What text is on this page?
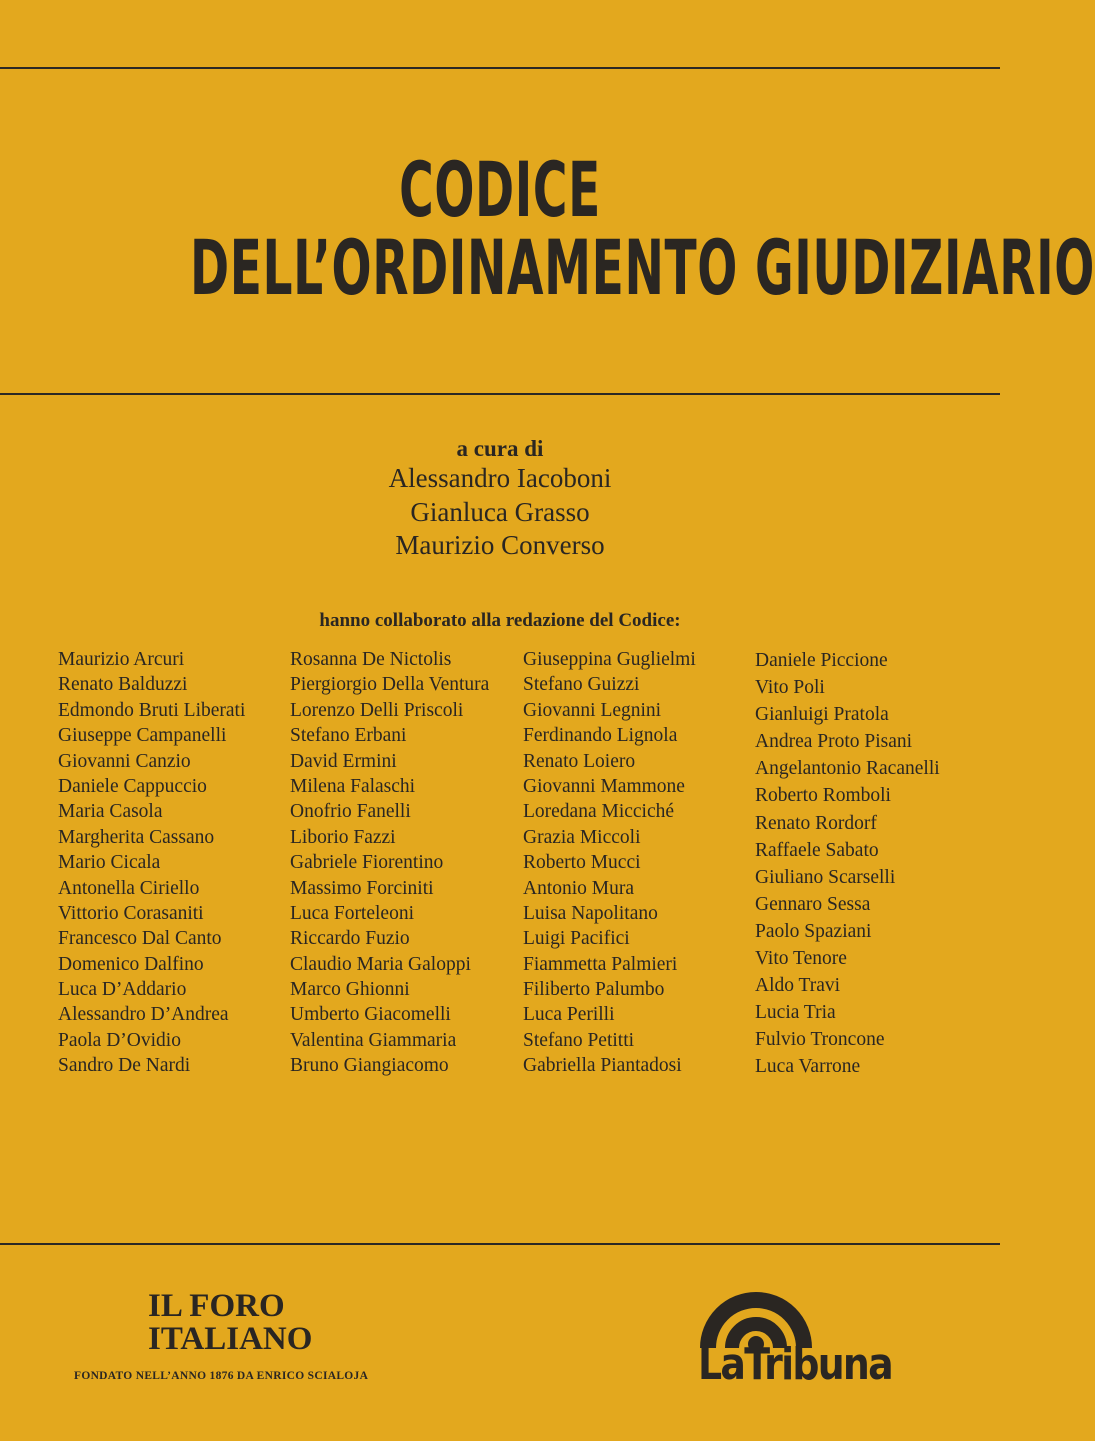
CODICE
DELL’ORDINAMENTO GIUDIZIARIO
a cura di
Alessandro Iacoboni
Gianluca Grasso
Maurizio Converso
hanno collaborato alla redazione del Codice:
Maurizio Arcuri
Renato Balduzzi
Edmondo Bruti Liberati
Giuseppe Campanelli
Giovanni Canzio
Daniele Cappuccio
Maria Casola
Margherita Cassano
Mario Cicala
Antonella Ciriello
Vittorio Corasaniti
Francesco Dal Canto
Domenico Dalfino
Luca D’Addario
Alessandro D’Andrea
Paola D’Ovidio
Sandro De Nardi
Rosanna De Nictolis
Piergiorgio Della Ventura
Lorenzo Delli Priscoli
Stefano Erbani
David Ermini
Milena Falaschi
Onofrio Fanelli
Liborio Fazzi
Gabriele Fiorentino
Massimo Forciniti
Luca Forteleoni
Riccardo Fuzio
Claudio Maria Galoppi
Marco Ghionni
Umberto Giacomelli
Valentina Giammaria
Bruno Giangiacomo
Giuseppina Guglielmi
Stefano Guizzi
Giovanni Legnini
Ferdinando Lignola
Renato Loiero
Giovanni Mammone
Loredana Micciché
Grazia Miccoli
Roberto Mucci
Antonio Mura
Luisa Napolitano
Luigi Pacifici
Fiammetta Palmieri
Filiberto Palumbo
Luca Perilli
Stefano Petitti
Gabriella Piantadosi
Daniele Piccione
Vito Poli
Gianluigi Pratola
Andrea Proto Pisani
Angelantonio Racanelli
Roberto Romboli
Renato Rordorf
Raffaele Sabato
Giuliano Scarselli
Gennaro Sessa
Paolo Spaziani
Vito Tenore
Aldo Travi
Lucia Tria
Fulvio Troncone
Luca Varrone
IL FORO
ITALIANO
FONDATO NELL’ANNO 1876 DA ENRICO SCIALOJA	LaTribuna
